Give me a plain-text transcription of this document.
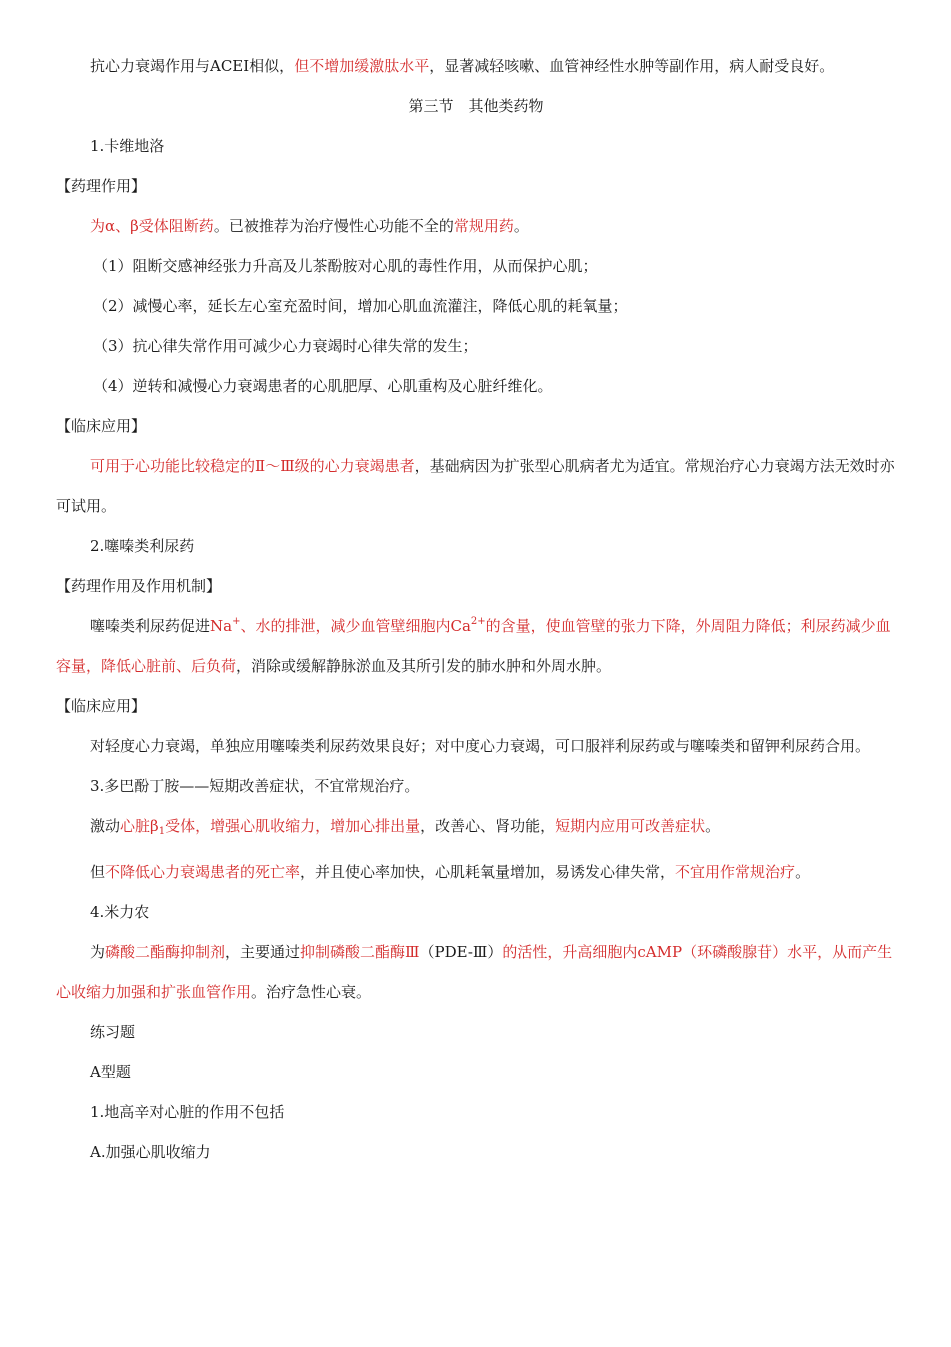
抗心力衰竭作用与ACEI相似，但不增加缓激肽水平，显著减轻咳嗽、血管神经性水肿等副作用，病人耐受良好。

第三节　其他类药物

1.卡维地洛

【药理作用】

为α、β受体阻断药。已被推荐为治疗慢性心功能不全的常规用药。

（1）阻断交感神经张力升高及儿茶酚胺对心肌的毒性作用，从而保护心肌；

（2）减慢心率，延长左心室充盈时间，增加心肌血流灌注，降低心肌的耗氧量；

（3）抗心律失常作用可减少心力衰竭时心律失常的发生；

（4）逆转和减慢心力衰竭患者的心肌肥厚、心肌重构及心脏纤维化。

【临床应用】

可用于心功能比较稳定的Ⅱ～Ⅲ级的心力衰竭患者，基础病因为扩张型心肌病者尤为适宜。常规治疗心力衰竭方法无效时亦可试用。

2.噻嗪类利尿药

【药理作用及作用机制】

噻嗪类利尿药促进Na+、水的排泄，减少血管壁细胞内$Ca^{2+}$的含量，使血管壁的张力下降，外周阻力降低；利尿药减少血容量，降低心脏前、后负荷，消除或缓解静脉淤血及其所引发的肺水肿和外周水肿。

【临床应用】

对轻度心力衰竭，单独应用噻嗪类利尿药效果良好；对中度心力衰竭，可口服袢利尿药或与噻嗪类和留钾利尿药合用。

3.多巴酚丁胺——短期改善症状，不宜常规治疗。

激动心脏$\beta_1$受体，增强心肌收缩力，增加心排出量，改善心、肾功能，短期内应用可改善症状。

但不降低心力衰竭患者的死亡率，并且使心率加快，心肌耗氧量增加，易诱发心律失常，不宜用作常规治疗。

4.米力农

为磷酸二酯酶抑制剂，主要通过抑制磷酸二酯酶Ⅲ（PDE-Ⅲ）的活性，升高细胞内cAMP（环磷酸腺苷）水平，从而产生心收缩力加强和扩张血管作用。治疗急性心衰。

练习题

A型题

1.地高辛对心脏的作用不包括

A.加强心肌收缩力
